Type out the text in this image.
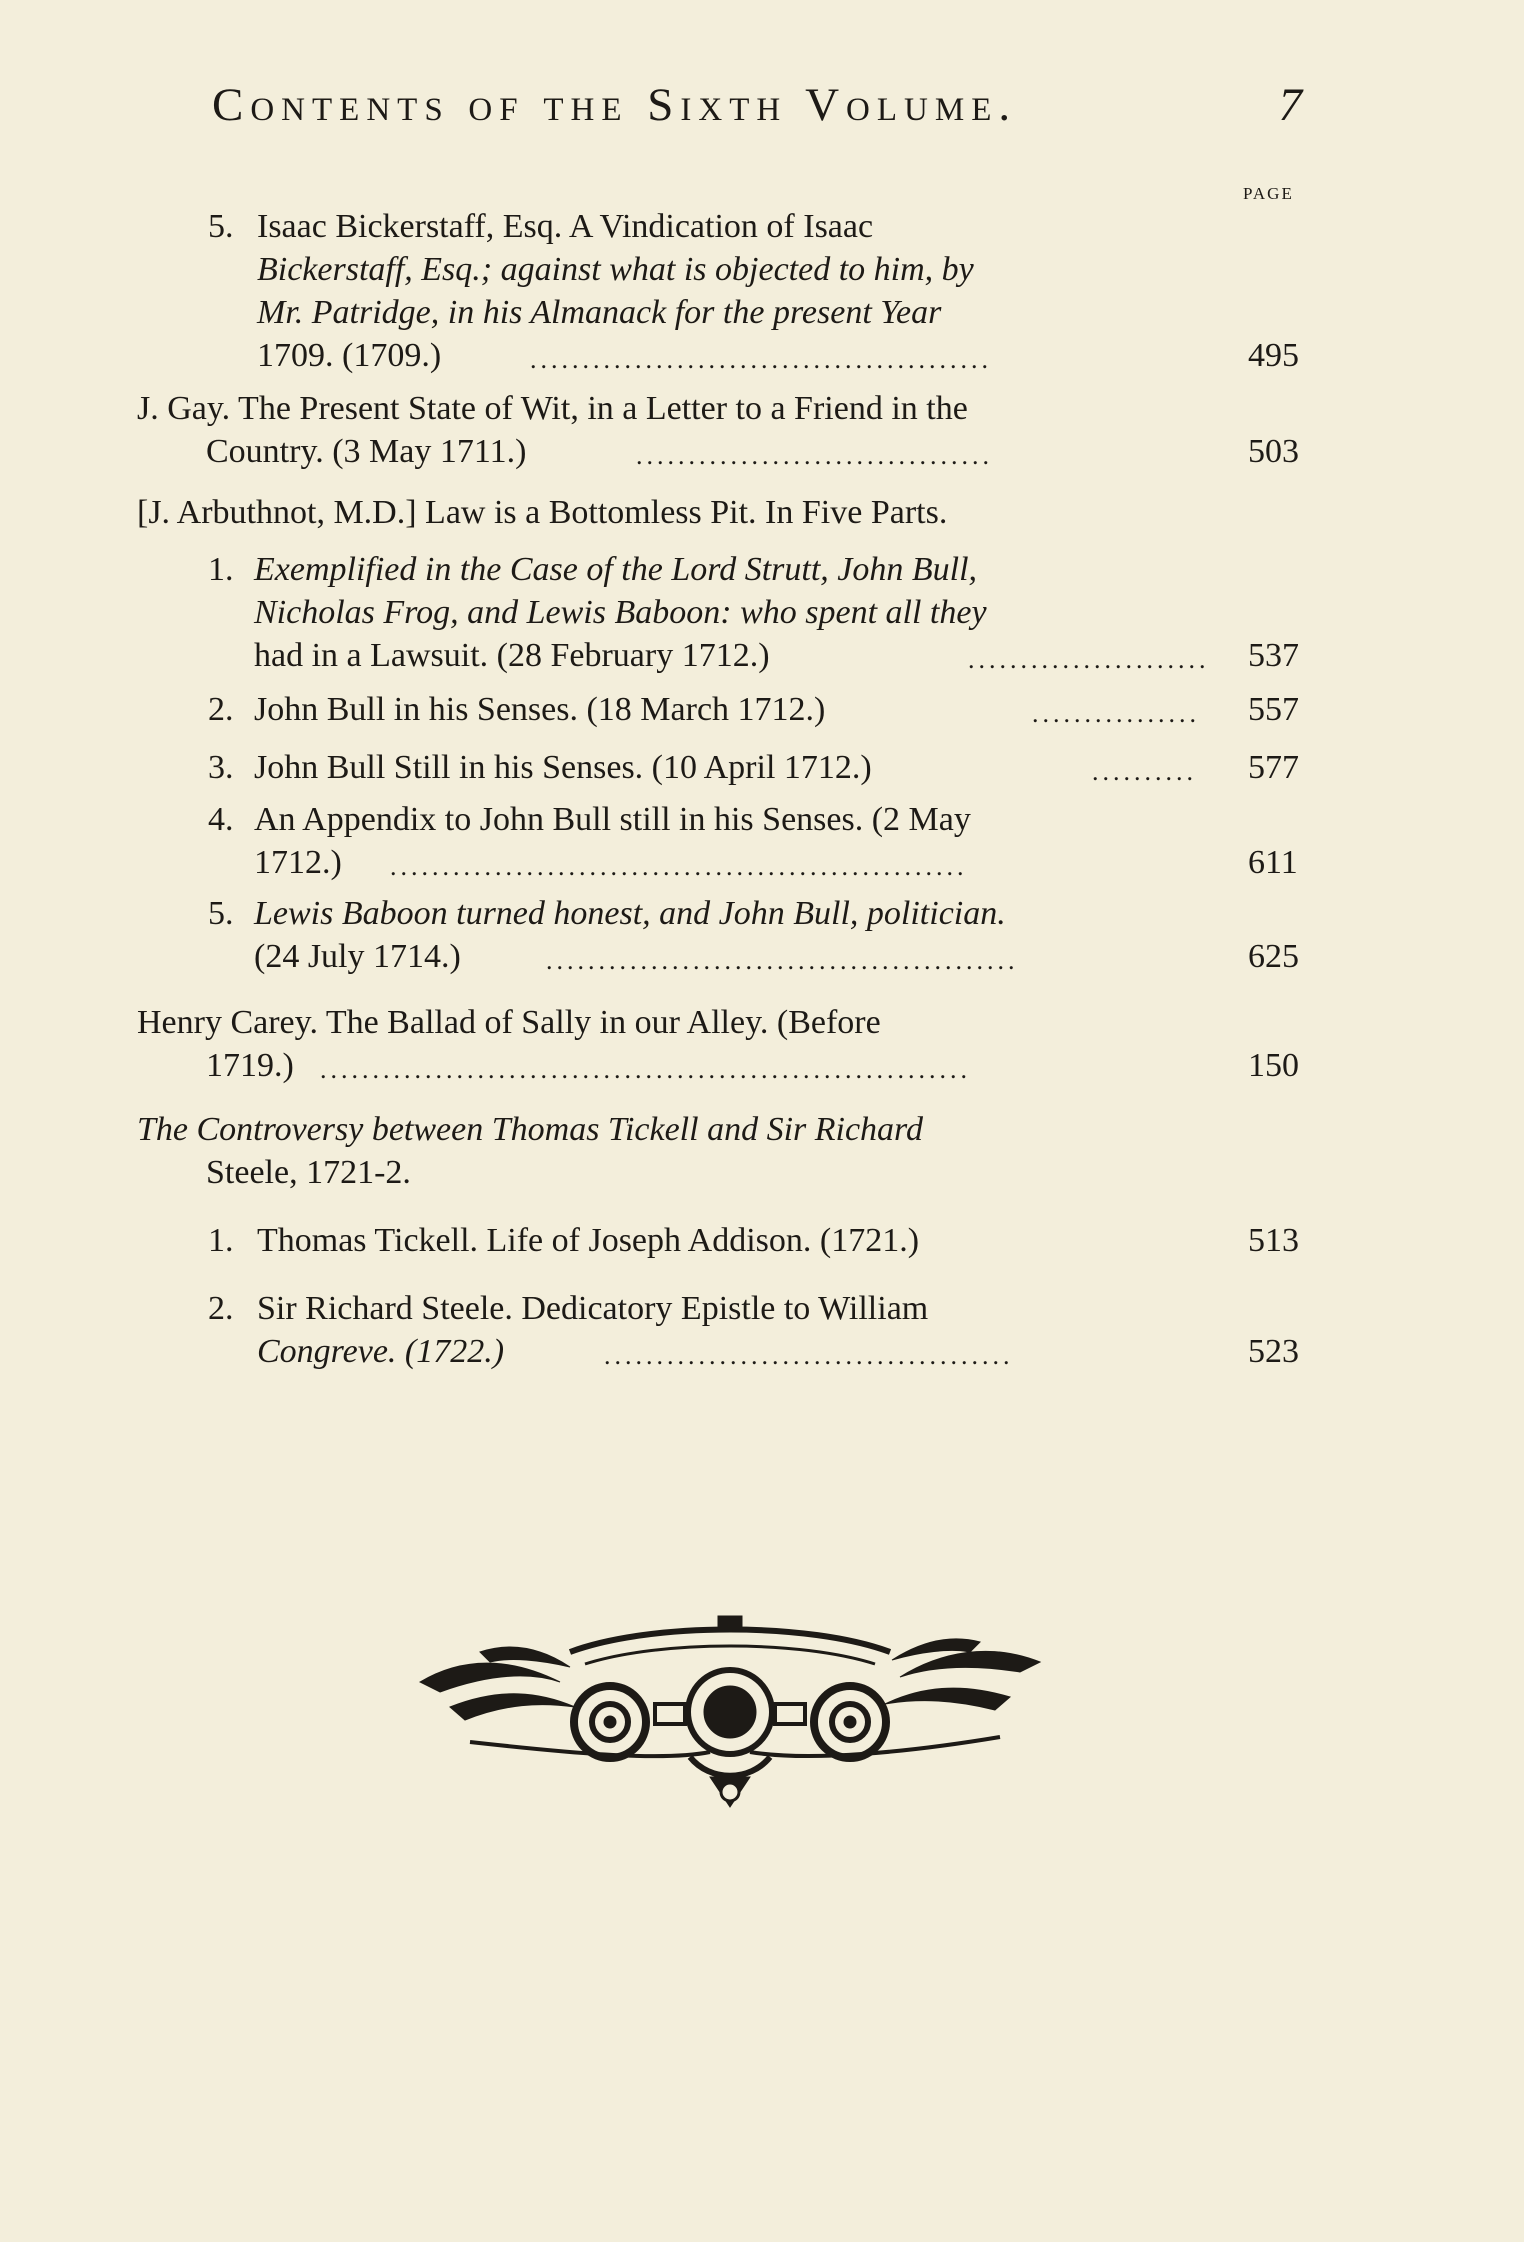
Contents of the Sixth Volume.	7
PAGE
5. Isaac Bickerstaff, Esq. A Vindication of Isaac
Bickerstaff, Esq.; against what is objected to him, by
Mr. Patridge, in his Almanack for the present Year
1709. (1709.)	............................................	495
J. Gay. The Present State of Wit, in a Letter to a Friend in the
Country. (3 May 1711.)	..................................	503
[J. Arbuthnot, M.D.] Law is a Bottomless Pit. In Five Parts.
1. Exemplified in the Case of the Lord Strutt, John Bull,
Nicholas Frog, and Lewis Baboon: who spent all they
had in a Lawsuit. (28 February 1712.)	....................... 537
2. John Bull in his Senses. (18 March 1712.)	................ 557
3. John Bull Still in his Senses. (10 April 1712.)	.......... 577
4. An Appendix to John Bull still in his Senses. (2 May
1712.) .......................................................	611
5. Lewis Baboon turned honest, and John Bull, politician.
(24 July 1714.)	.............................................	625
Henry Carey. The Ballad of Sally in our Alley. (Before
1719.) ..............................................................	150
The Controversy between Thomas Tickell and Sir Richard
Steele, 1721-2.
1. Thomas Tickell. Life of Joseph Addison. (1721.)	513
2. Sir Richard Steele. Dedicatory Epistle to William
Congreve. (1722.)	.......................................	523
